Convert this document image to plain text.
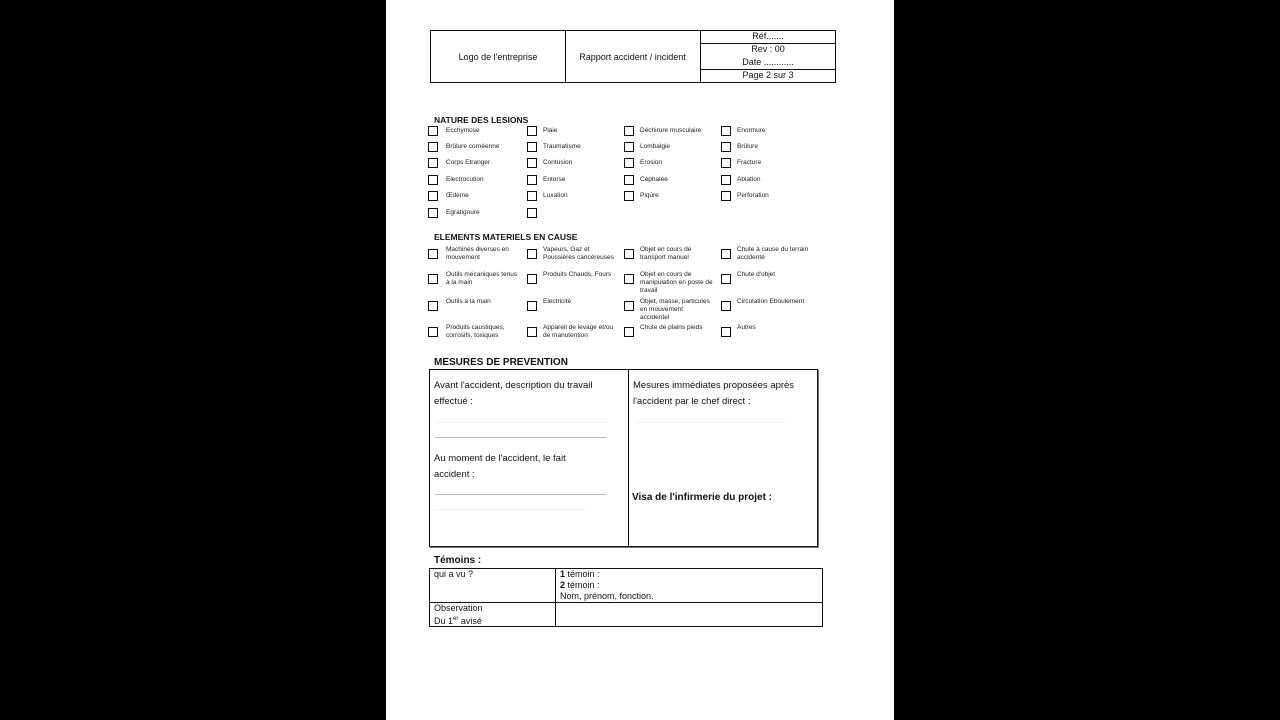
Logo de l'entreprise	Rapport accident / incident
Réf.......
Rev : 00
Date ............
Page 2 sur 3
NATURE DES LESIONS
Ecchymose
Brûlure cornéenne
Corps Etranger
Electrocution
Œdème
Egratignure
Plaie
Traumatisme
Contusion
Entorse
Luxation
Déchirure musculaire
Lombalgie
Erosion
Céphalée
Piqûre
Enormure
Brûlure
Fracture
Ablation
Perforation
ELEMENTS MATERIELS EN CAUSE
Machines diverses en mouvement
Outils mécaniques tenus à la main
Outils à la main
Produits caustiques, corrosifs, toxiques
Vapeurs, Gaz et Poussières cancéreuses
Produits Chauds, Fours
Electricité
Appareil de levage et/ou de manutention
Objet en cours de transport manuel
Objet en cours de manipulation en poste de travail
Objet, masse, particules en mouvement accidentel
Chute de plains pieds
Chute à cause du terrain accidenté
Chute d'objet
Circulation Eboulement
Autres
MESURES DE PREVENTION
Avant l'accident, description du travail
effectué :
Au moment de l'accident, le fait
accident :
Mesures immédiates proposées après
l'accident par le chef direct :
Visa de l'infirmerie du projet :
Témoins :
qui a vu ?	1 témoin :
2 témoin :
Nom, prénom, fonction.
Observation
Du 1er avisé
